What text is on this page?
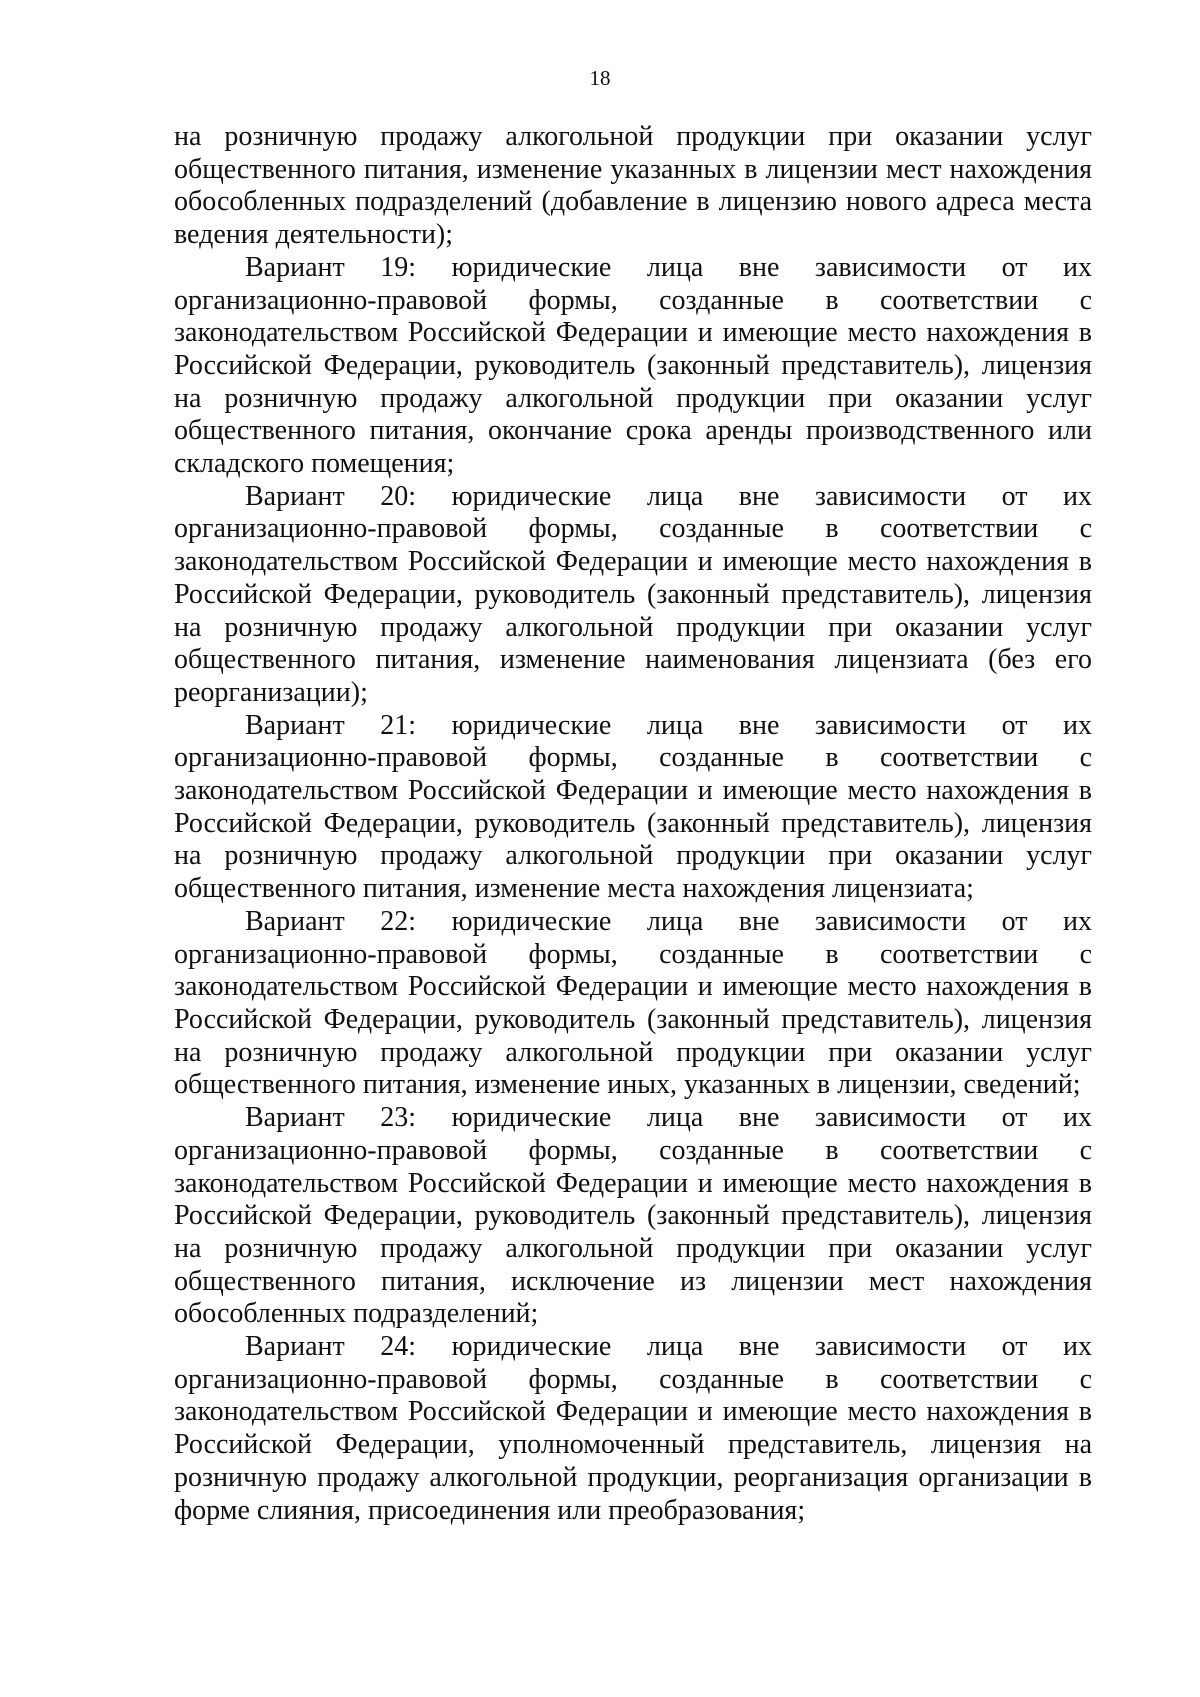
18

на розничную продажу алкогольной продукции при оказании услуг общественного питания, изменение указанных в лицензии мест нахождения обособленных подразделений (добавление в лицензию нового адреса места ведения деятельности);

Вариант 19: юридические лица вне зависимости от их организационно-правовой формы, созданные в соответствии с законодательством Российской Федерации и имеющие место нахождения в Российской Федерации, руководитель (законный представитель), лицензия на розничную продажу алкогольной продукции при оказании услуг общественного питания, окончание срока аренды производственного или складского помещения;

Вариант 20: юридические лица вне зависимости от их организационно-правовой формы, созданные в соответствии с законодательством Российской Федерации и имеющие место нахождения в Российской Федерации, руководитель (законный представитель), лицензия на розничную продажу алкогольной продукции при оказании услуг общественного питания, изменение наименования лицензиата (без его реорганизации);

Вариант 21: юридические лица вне зависимости от их организационно-правовой формы, созданные в соответствии с законодательством Российской Федерации и имеющие место нахождения в Российской Федерации, руководитель (законный представитель), лицензия на розничную продажу алкогольной продукции при оказании услуг общественного питания, изменение места нахождения лицензиата;

Вариант 22: юридические лица вне зависимости от их организационно-правовой формы, созданные в соответствии с законодательством Российской Федерации и имеющие место нахождения в Российской Федерации, руководитель (законный представитель), лицензия на розничную продажу алкогольной продукции при оказании услуг общественного питания, изменение иных, указанных в лицензии, сведений;

Вариант 23: юридические лица вне зависимости от их организационно-правовой формы, созданные в соответствии с законодательством Российской Федерации и имеющие место нахождения в Российской Федерации, руководитель (законный представитель), лицензия на розничную продажу алкогольной продукции при оказании услуг общественного питания, исключение из лицензии мест нахождения обособленных подразделений;

Вариант 24: юридические лица вне зависимости от их организационно-правовой формы, созданные в соответствии с законодательством Российской Федерации и имеющие место нахождения в Российской Федерации, уполномоченный представитель, лицензия на розничную продажу алкогольной продукции, реорганизация организации в форме слияния, присоединения или преобразования;
